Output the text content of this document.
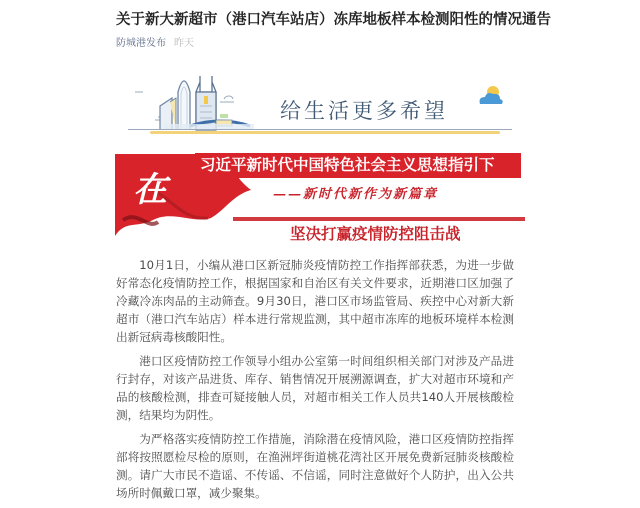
关于新大新超市（港口汽车站店）冻库地板样本检测阳性的情况通告
防城港发布 昨天
给生活更多希望
在
习近平新时代中国特色社会主义思想指引下
——新时代新作为新篇章
坚决打赢疫情防控阻击战

10月1日，小编从港口区新冠肺炎疫情防控工作指挥部获悉，为进一步做好常态化疫情防控工作，根据国家和自治区有关文件要求，近期港口区加强了冷藏冷冻肉品的主动筛查。9月30日，港口区市场监管局、疾控中心对新大新超市（港口汽车站店）样本进行常规监测，其中超市冻库的地板环境样本检测出新冠病毒核酸阳性。

港口区疫情防控工作领导小组办公室第一时间组织相关部门对涉及产品进行封存，对该产品进货、库存、销售情况开展溯源调查，扩大对超市环境和产品的核酸检测，排查可疑接触人员，对超市相关工作人员共140人开展核酸检测，结果均为阴性。

为严格落实疫情防控工作措施，消除潜在疫情风险，港口区疫情防控指挥部将按照愿检尽检的原则，在渔洲坪街道桃花湾社区开展免费新冠肺炎核酸检测。请广大市民不造谣、不传谣、不信谣，同时注意做好个人防护，出入公共场所时佩戴口罩，减少聚集。
